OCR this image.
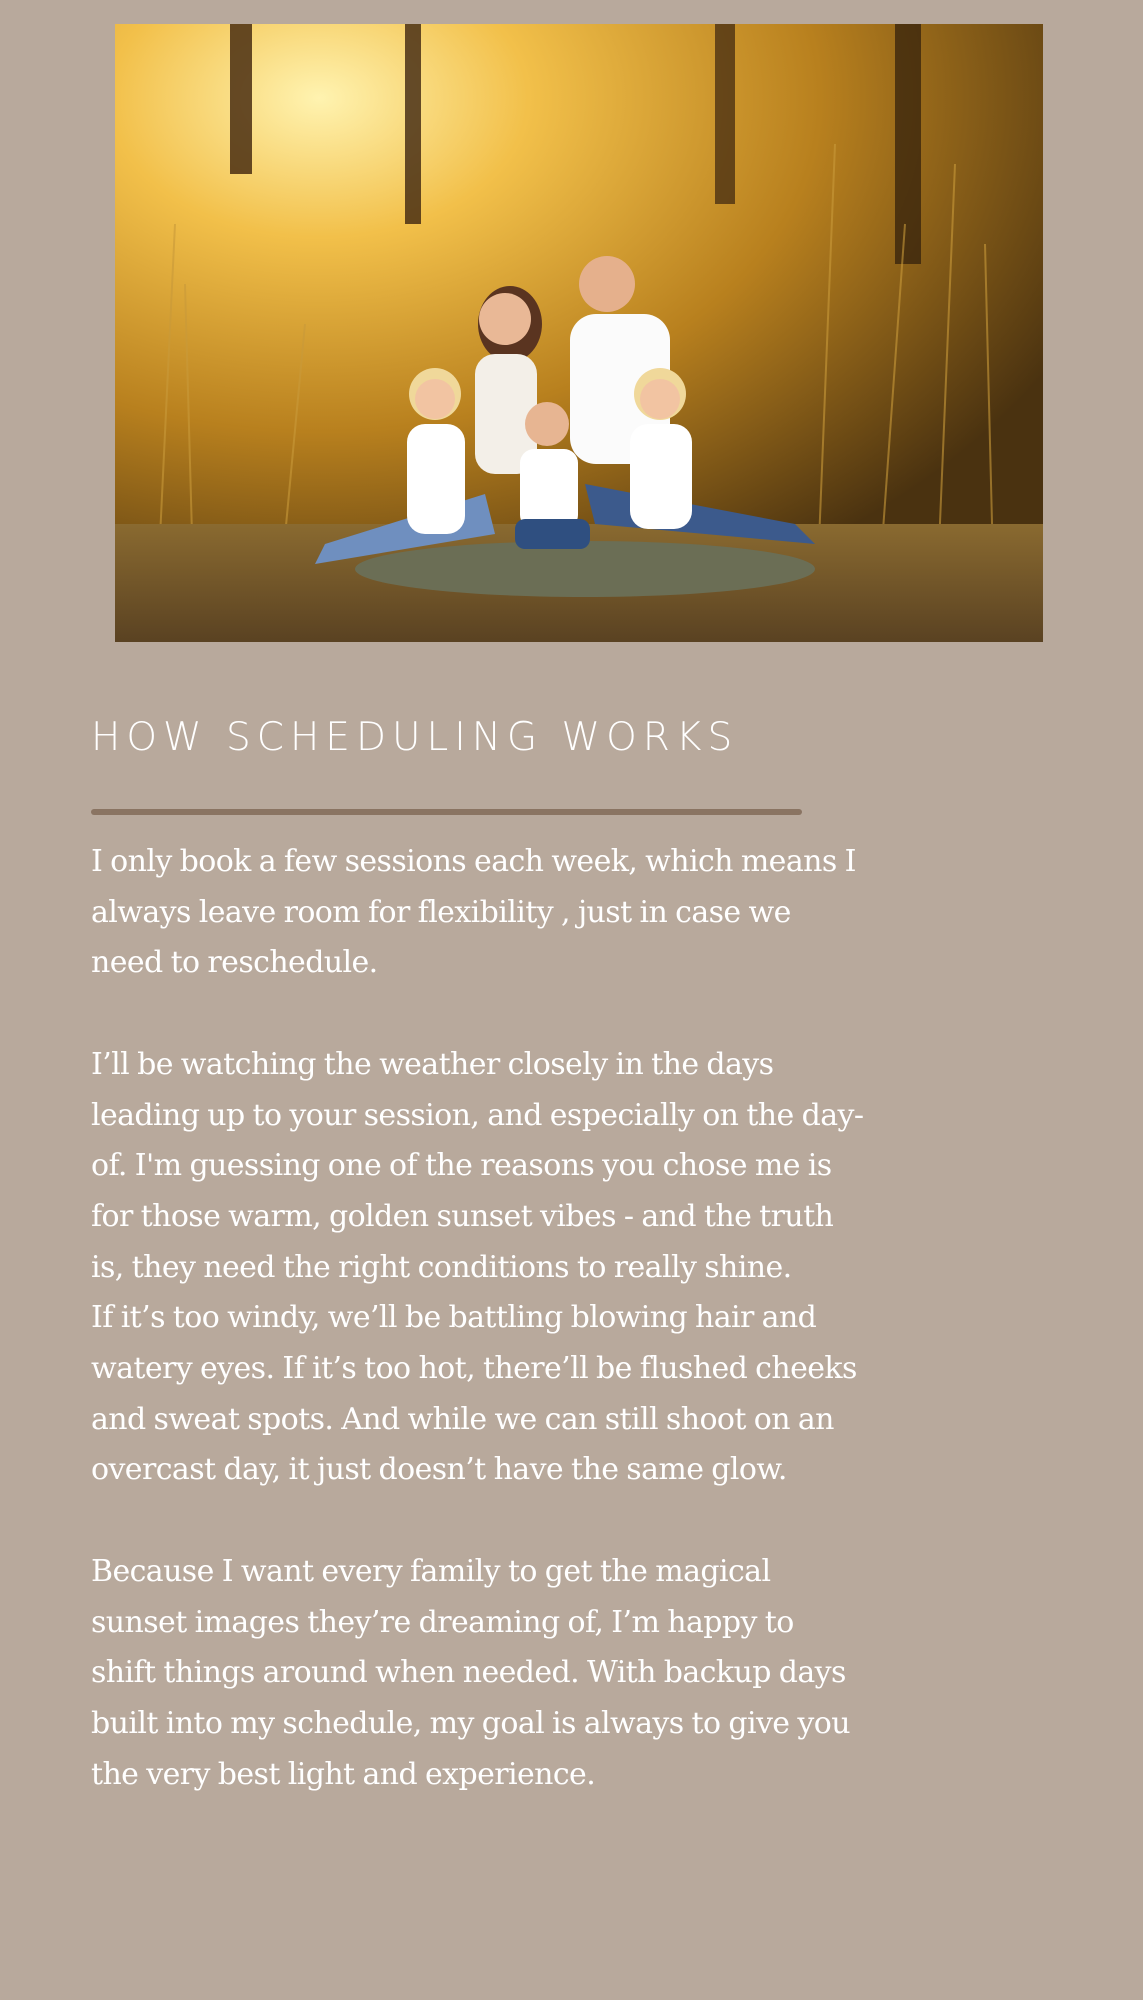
HOW SCHEDULING WORKS

I only book a few sessions each week, which means I always leave room for flexibility , just in case we need to reschedule.

I’ll be watching the weather closely in the days leading up to your session, and especially on the day-of. I'm guessing one of the reasons you chose me is for those warm, golden sunset vibes - and the truth is, they need the right conditions to really shine.

If it’s too windy, we’ll be battling blowing hair and watery eyes. If it’s too hot, there’ll be flushed cheeks and sweat spots. And while we can still shoot on an overcast day, it just doesn’t have the same glow.

Because I want every family to get the magical sunset images they’re dreaming of, I’m happy to shift things around when needed. With backup days built into my schedule, my goal is always to give you the very best light and experience.
